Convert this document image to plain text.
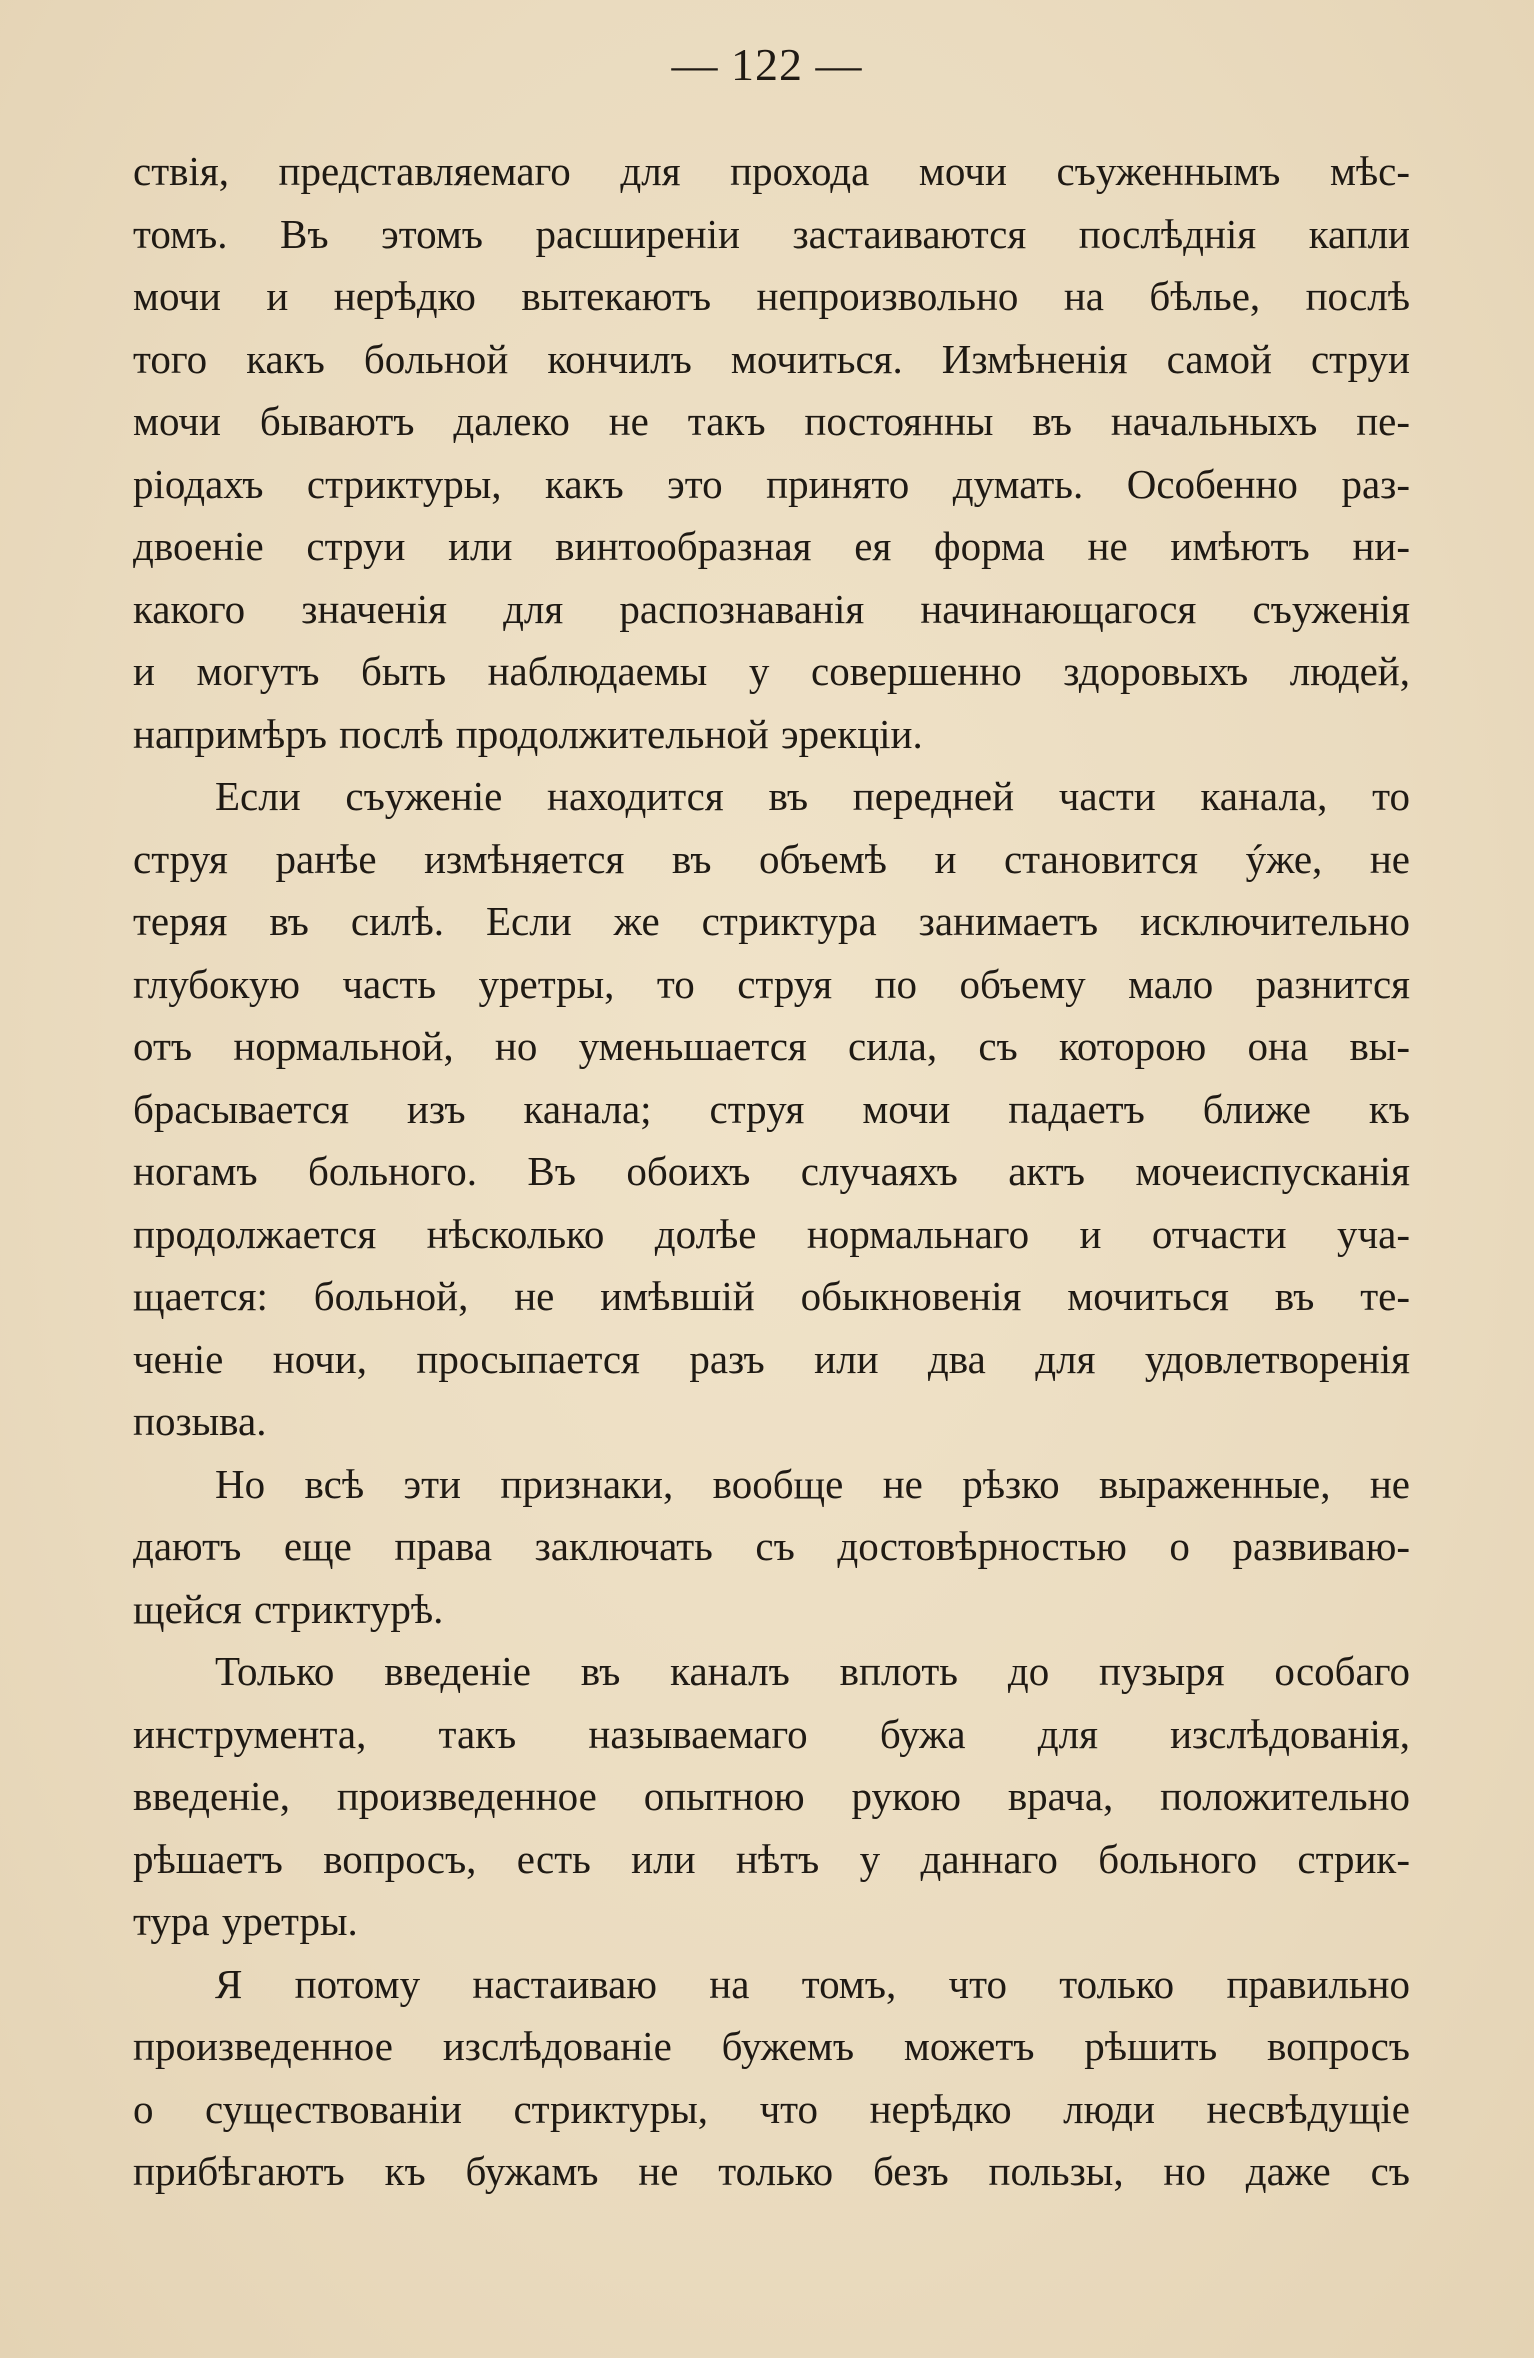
— 122 —
ствія, представляемаго для прохода мочи съуженнымъ мѣс-
томъ. Въ этомъ расширеніи застаиваются послѣднія капли
мочи и нерѣдко вытекаютъ непроизвольно на бѣлье, послѣ
того какъ больной кончилъ мочиться. Измѣненія самой струи
мочи бываютъ далеко не такъ постоянны въ начальныхъ пе-
ріодахъ стриктуры, какъ это принято думать. Особенно раз-
двоеніе струи или винтообразная ея форма не имѣютъ ни-
какого значенія для распознаванія начинающагося съуженія
и могутъ быть наблюдаемы у совершенно здоровыхъ людей,
напримѣръ послѣ продолжительной эрекціи.
Если съуженіе находится въ передней части канала, то
струя ранѣе измѣняется въ объемѣ и становится ýже, не
теряя въ силѣ. Если же стриктура занимаетъ исключительно
глубокую часть уретры, то струя по объему мало разнится
отъ нормальной, но уменьшается сила, съ которою она вы-
брасывается изъ канала; струя мочи падаетъ ближе къ
ногамъ больного. Въ обоихъ случаяхъ актъ мочеиспусканія
продолжается нѣсколько долѣе нормальнаго и отчасти уча-
щается: больной, не имѣвшій обыкновенія мочиться въ те-
ченіе ночи, просыпается разъ или два для удовлетворенія
позыва.
Но всѣ эти признаки, вообще не рѣзко выраженные, не
даютъ еще права заключать съ достовѣрностью о развиваю-
щейся стриктурѣ.
Только введеніе въ каналъ вплоть до пузыря особаго
инструмента, такъ называемаго бужа для изслѣдованія,
введеніе, произведенное опытною рукою врача, положительно
рѣшаетъ вопросъ, есть или нѣтъ у даннаго больного стрик-
тура уретры.
Я потому настаиваю на томъ, что только правильно
произведенное изслѣдованіе бужемъ можетъ рѣшить вопросъ
о существованіи стриктуры, что нерѣдко люди несвѣдущіе
прибѣгаютъ къ бужамъ не только безъ пользы, но даже съ
